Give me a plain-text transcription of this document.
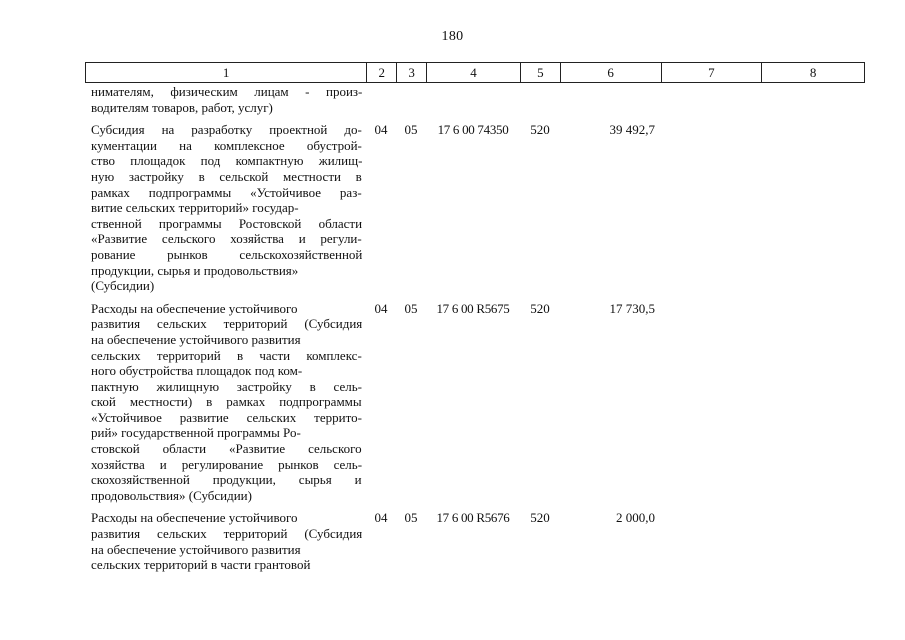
180
1	2	3	4	5	6	7	8
нимателям, физическим лицам - произ-
водителям товаров, работ, услуг)
Субсидия на разработку проектной до-
кументации на комплексное обустрой-
ство площадок под компактную жилищ-
ную застройку в сельской местности в
рамках подпрограммы «Устойчивое раз-
витие сельских территорий» государ-
ственной программы Ростовской области
«Развитие сельского хозяйства и регули-
рование рынков сельскохозяйственной
продукции, сырья и продовольствия»
(Субсидии)
04	05	17 6 00 74350	520	39 492,7
Расходы на обеспечение устойчивого
развития сельских территорий (Субсидия
на обеспечение устойчивого развития
сельских территорий в части комплекс-
ного обустройства площадок под ком-
пактную жилищную застройку в сель-
ской местности) в рамках подпрограммы
«Устойчивое развитие сельских террито-
рий» государственной программы Ро-
стовской области «Развитие сельского
хозяйства и регулирование рынков сель-
скохозяйственной продукции, сырья и
продовольствия» (Субсидии)
04	05	17 6 00 R5675	520	17 730,5
Расходы на обеспечение устойчивого
развития сельских территорий (Субсидия
на обеспечение устойчивого развития
сельских территорий в части грантовой
04	05	17 6 00 R5676	520	2 000,0
